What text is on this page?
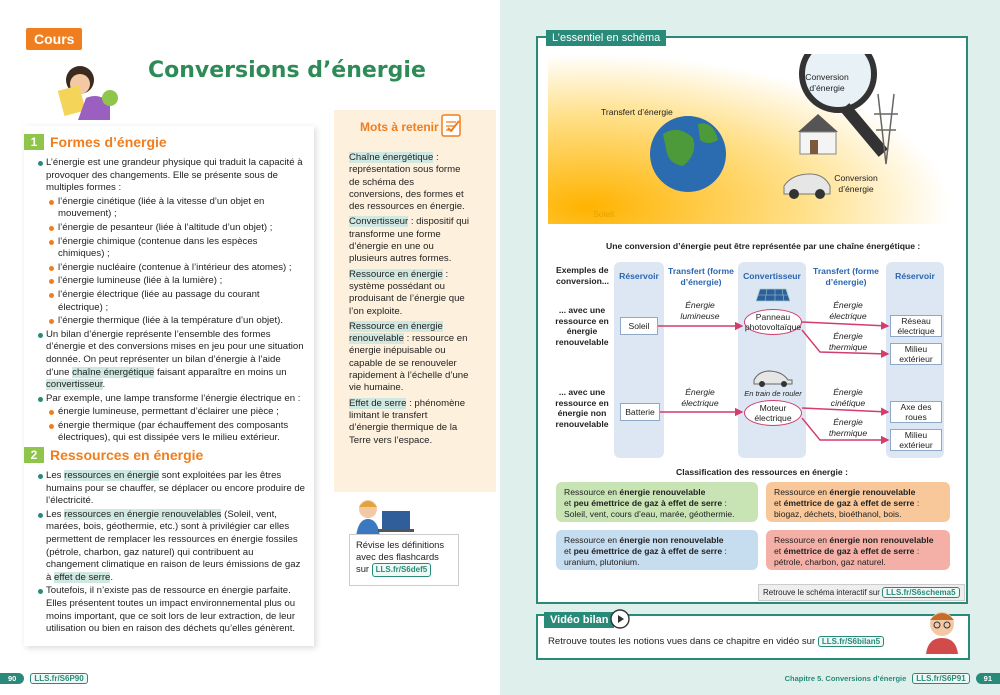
Cours
Conversions d’énergie
1 Formes d’énergie

L’énergie est une grandeur physique qui traduit la capacité à provoquer des changements. Elle se présente sous de multiples formes :

l’énergie cinétique (liée à la vitesse d’un objet en mouvement) ;

l’énergie de pesanteur (liée à l’altitude d’un objet) ;

l’énergie chimique (contenue dans les espèces chimiques) ;

l’énergie nucléaire (contenue à l’intérieur des atomes) ;

l’énergie lumineuse (liée à la lumière) ;

l’énergie électrique (liée au passage du courant électrique) ;

l’énergie thermique (liée à la température d’un objet).

Un bilan d’énergie représente l’ensemble des formes d’énergie et des conversions mises en jeu pour une situation donnée. On peut représenter un bilan d’énergie à l’aide d’une chaîne énergétique faisant apparaître en moins un convertisseur.

Par exemple, une lampe transforme l’énergie électrique en :

énergie lumineuse, permettant d’éclairer une pièce ;

énergie thermique (par échauffement des composants électriques), qui est dissipée vers le milieu extérieur.

2 Ressources en énergie

Les ressources en énergie sont exploitées par les êtres humains pour se chauffer, se déplacer ou encore produire de l’électricité.

Les ressources en énergie renouvelables (Soleil, vent, marées, bois, géothermie, etc.) sont à privilégier car elles permettent de remplacer les ressources en énergie fossiles (pétrole, charbon, gaz naturel) qui contribuent au changement climatique en raison de leurs émissions de gaz à effet de serre.

Toutefois, il n’existe pas de ressource en énergie parfaite. Elles présentent toutes un impact environnemental plus ou moins important, que ce soit lors de leur extraction, de leur utilisation ou bien en raison des déchets qu’elles génèrent.

Mots à retenir
Chaîne énergétique : représentation sous forme de schéma des conversions, des formes et des ressources en énergie.
Convertisseur : dispositif qui transforme une forme d’énergie en une ou plusieurs autres formes.
Ressource en énergie : système possédant ou produisant de l’énergie que l’on exploite.
Ressource en énergie renouvelable : ressource en énergie inépuisable ou capable de se renouveler rapidement à l’échelle d’une vie humaine.
Effet de serre : phénomène limitant le transfert d’énergie thermique de la Terre vers l’espace.
Révise les définitions avec des flashcards sur LLS.fr/S6def5
90	LLS.fr/S6P90
Conversion d’énergie
Transfert d’énergie
Conversion d’énergie
Soleil
L’essentiel en schéma
Une conversion d’énergie peut être représentée par une chaîne énergétique :
Exemples de conversion...	Réservoir	Transfert (forme d’énergie)
Convertisseur	Transfert (forme d’énergie)
Réservoir
... avec une ressource en énergie renouvelable
Soleil
Énergie lumineuse	Panneau photovoltaïque
Énergie électrique
Énergie thermique
Réseau électrique
Milieu extérieur
... avec une ressource en énergie non renouvelable
Batterie
Énergie électrique
En train de rouler
Moteur électrique
Énergie cinétique
Énergie thermique
Axe des roues
Milieu extérieur
Classification des ressources en énergie :
Ressource en énergie renouvelable
et peu émettrice de gaz à effet de serre :
Soleil, vent, cours d’eau, marée, géothermie.
Ressource en énergie renouvelable
et émettrice de gaz à effet de serre :
biogaz, déchets, bioéthanol, bois.
Ressource en énergie non renouvelable
et peu émettrice de gaz à effet de serre :
uranium, plutonium.
Ressource en énergie non renouvelable
et émettrice de gaz à effet de serre :
pétrole, charbon, gaz naturel.
Retrouve le schéma interactif sur LLS.fr/S6schema5
Vidéo bilan
Retrouve toutes les notions vues dans ce chapitre en vidéo sur LLS.fr/S6bilan5
Chapitre 5. Conversions d’énergie	LLS.fr/S6P91	91
